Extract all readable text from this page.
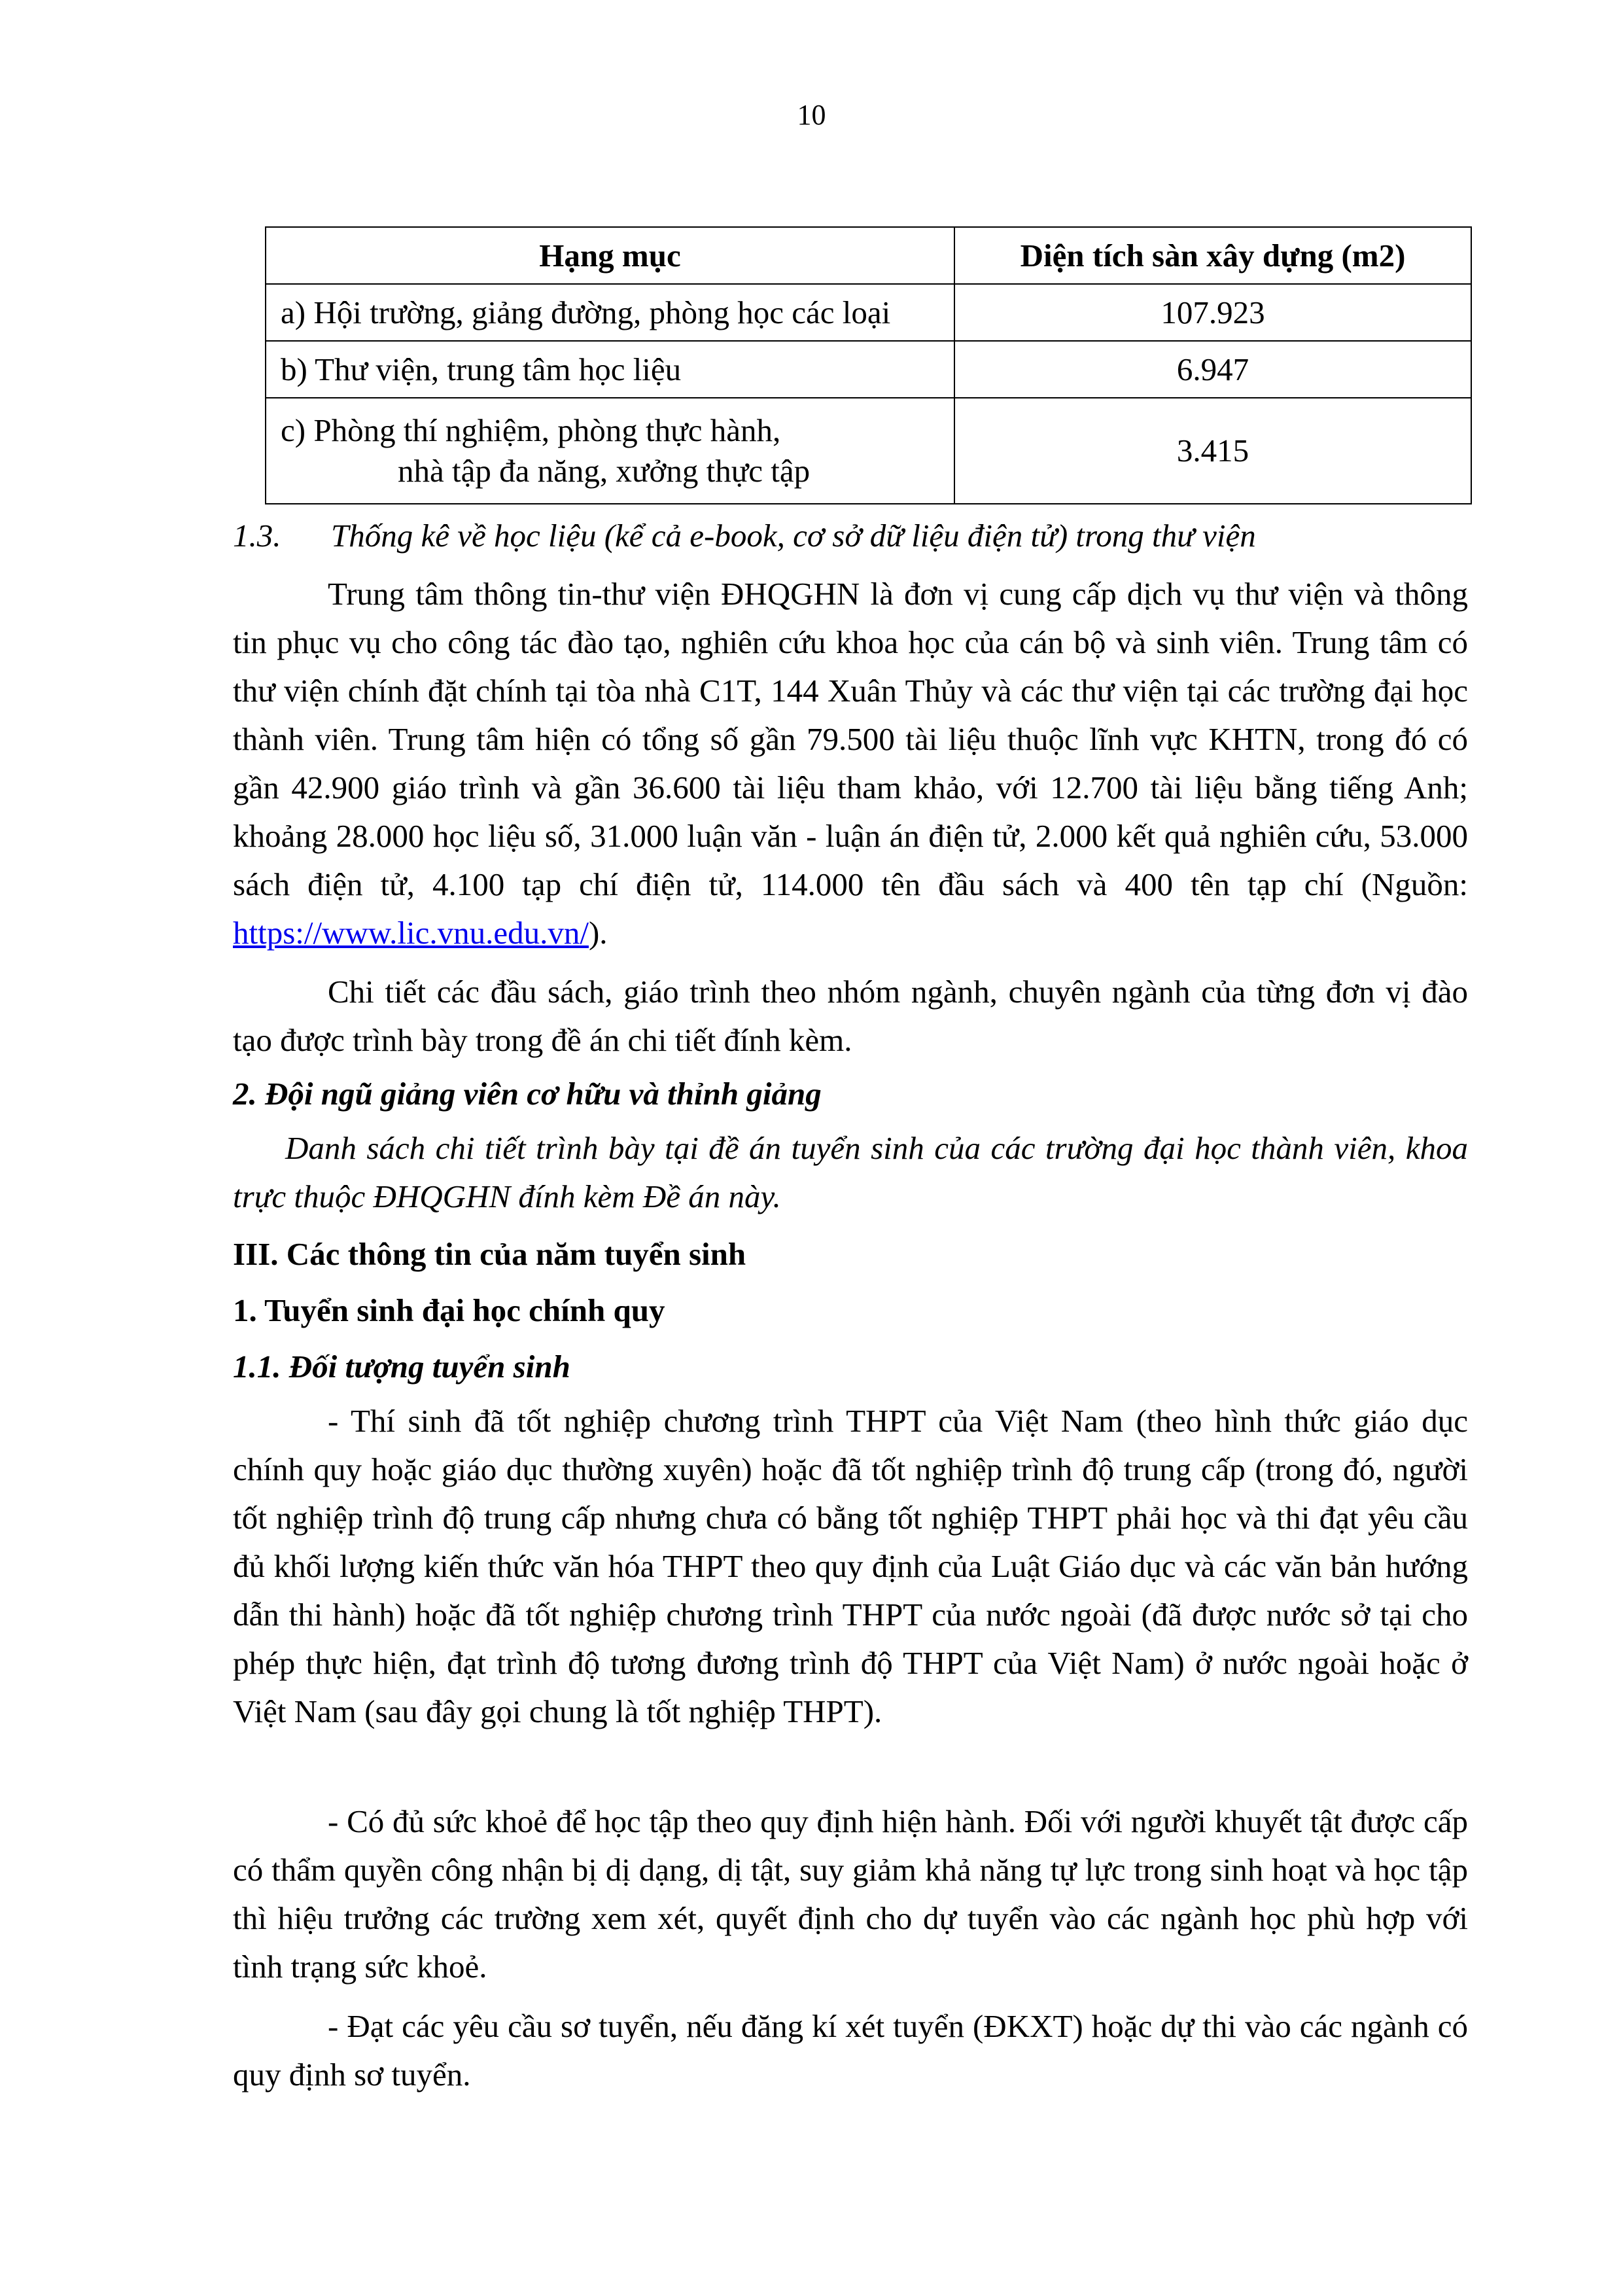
10
Hạng mục	Diện tích sàn xây dựng (m2)
a) Hội trường, giảng đường, phòng học các loại	107.923
b) Thư viện, trung tâm học liệu	6.947

c) Phòng thí nghiệm, phòng thực hành,
nhà tập đa năng, xưởng thực tập	3.415
1.3. Thống kê về học liệu (kể cả e-book, cơ sở dữ liệu điện tử) trong thư viện
Trung tâm thông tin-thư viện ĐHQGHN là đơn vị cung cấp dịch vụ thư viện và thông tin phục vụ cho công tác đào tạo, nghiên cứu khoa học của cán bộ và sinh viên. Trung tâm có thư viện chính đặt chính tại tòa nhà C1T, 144 Xuân Thủy và các thư viện tại các trường đại học thành viên. Trung tâm hiện có tổng số gần 79.500 tài liệu thuộc lĩnh vực KHTN, trong đó có gần 42.900 giáo trình và gần 36.600 tài liệu tham khảo, với 12.700 tài liệu bằng tiếng Anh; khoảng 28.000 học liệu số, 31.000 luận văn - luận án điện tử, 2.000 kết quả nghiên cứu, 53.000 sách điện tử, 4.100 tạp chí điện tử, 114.000 tên đầu sách và 400 tên tạp chí (Nguồn: https://www.lic.vnu.edu.vn/).
Chi tiết các đầu sách, giáo trình theo nhóm ngành, chuyên ngành của từng đơn vị đào tạo được trình bày trong đề án chi tiết đính kèm.
2. Đội ngũ giảng viên cơ hữu và thỉnh giảng
Danh sách chi tiết trình bày tại đề án tuyển sinh của các trường đại học thành viên, khoa trực thuộc ĐHQGHN đính kèm Đề án này.
III. Các thông tin của năm tuyển sinh
1. Tuyển sinh đại học chính quy
1.1. Đối tượng tuyển sinh
- Thí sinh đã tốt nghiệp chương trình THPT của Việt Nam (theo hình thức giáo dục chính quy hoặc giáo dục thường xuyên) hoặc đã tốt nghiệp trình độ trung cấp (trong đó, người tốt nghiệp trình độ trung cấp nhưng chưa có bằng tốt nghiệp THPT phải học và thi đạt yêu cầu đủ khối lượng kiến thức văn hóa THPT theo quy định của Luật Giáo dục và các văn bản hướng dẫn thi hành) hoặc đã tốt nghiệp chương trình THPT của nước ngoài (đã được nước sở tại cho phép thực hiện, đạt trình độ tương đương trình độ THPT của Việt Nam) ở nước ngoài hoặc ở Việt Nam (sau đây gọi chung là tốt nghiệp THPT).
- Có đủ sức khoẻ để học tập theo quy định hiện hành. Đối với người khuyết tật được cấp có thẩm quyền công nhận bị dị dạng, dị tật, suy giảm khả năng tự lực trong sinh hoạt và học tập thì hiệu trưởng các trường xem xét, quyết định cho dự tuyển vào các ngành học phù hợp với tình trạng sức khoẻ.
- Đạt các yêu cầu sơ tuyển, nếu đăng kí xét tuyển (ĐKXT) hoặc dự thi vào các ngành có quy định sơ tuyển.
